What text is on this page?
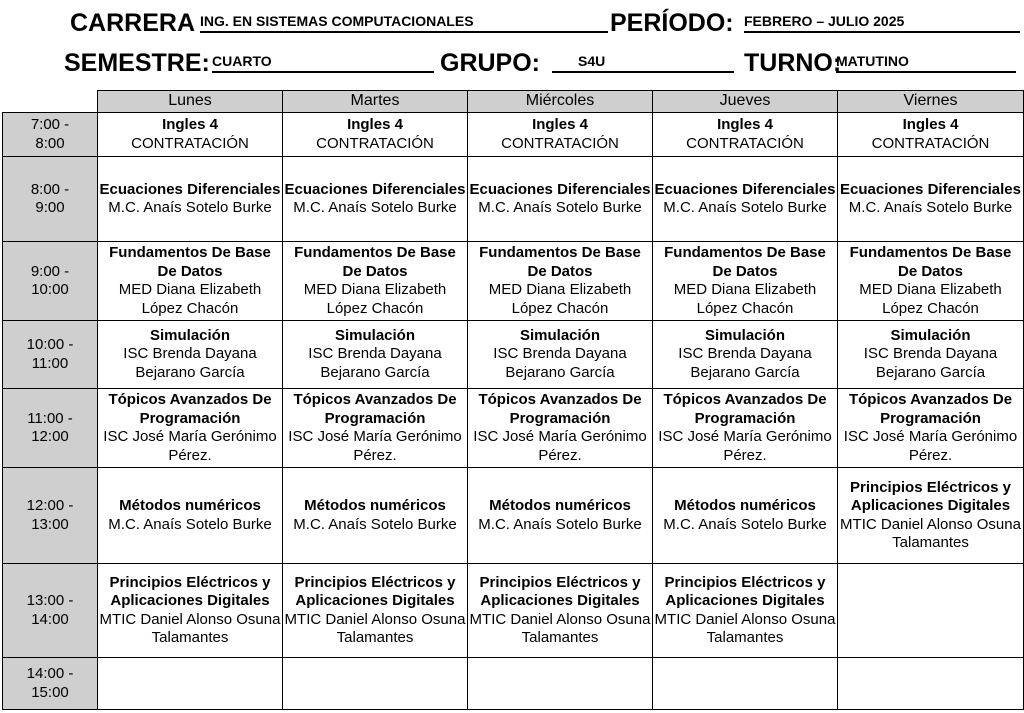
CARRERA ING. EN SISTEMAS COMPUTACIONALES	PERÍODO: FEBRERO – JULIO 2025
SEMESTRE: CUARTO	GRUPO:	S4U	TURNO:
MATUTINO
	Lunes	Martes	Miércoles	Jueves	Viernes

7:00 -
8:00	Ingles 4
CONTRATACIÓN	Ingles 4
CONTRATACIÓN	Ingles 4
CONTRATACIÓN	Ingles 4
CONTRATACIÓN	Ingles 4
CONTRATACIÓN

8:00 -
9:00	Ecuaciones Diferenciales
M.C. Anaís Sotelo Burke	Ecuaciones Diferenciales
M.C. Anaís Sotelo Burke	Ecuaciones Diferenciales
M.C. Anaís Sotelo Burke	Ecuaciones Diferenciales
M.C. Anaís Sotelo Burke	Ecuaciones Diferenciales
M.C. Anaís Sotelo Burke

9:00 -
10:00	Fundamentos De Base De Datos
MED Diana Elizabeth López Chacón	Fundamentos De Base De Datos
MED Diana Elizabeth López Chacón	Fundamentos De Base De Datos
MED Diana Elizabeth López Chacón	Fundamentos De Base De Datos
MED Diana Elizabeth López Chacón	Fundamentos De Base De Datos
MED Diana Elizabeth López Chacón

10:00 -
11:00	Simulación
ISC Brenda Dayana Bejarano García	Simulación
ISC Brenda Dayana Bejarano García	Simulación
ISC Brenda Dayana Bejarano García	Simulación
ISC Brenda Dayana Bejarano García	Simulación
ISC Brenda Dayana Bejarano García

11:00 -
12:00	Tópicos Avanzados De Programación
ISC José María Gerónimo Pérez.	Tópicos Avanzados De Programación
ISC José María Gerónimo Pérez.	Tópicos Avanzados De Programación
ISC José María Gerónimo Pérez.	Tópicos Avanzados De Programación
ISC José María Gerónimo Pérez.	Tópicos Avanzados De Programación
ISC José María Gerónimo Pérez.

12:00 -
13:00	Métodos numéricos
M.C. Anaís Sotelo Burke	Métodos numéricos
M.C. Anaís Sotelo Burke	Métodos numéricos
M.C. Anaís Sotelo Burke	Métodos numéricos
M.C. Anaís Sotelo Burke	Principios Eléctricos y Aplicaciones Digitales
MTIC Daniel Alonso Osuna Talamantes

13:00 -
14:00	Principios Eléctricos y Aplicaciones Digitales
MTIC Daniel Alonso Osuna Talamantes	Principios Eléctricos y Aplicaciones Digitales
MTIC Daniel Alonso Osuna Talamantes	Principios Eléctricos y Aplicaciones Digitales
MTIC Daniel Alonso Osuna Talamantes	Principios Eléctricos y Aplicaciones Digitales
MTIC Daniel Alonso Osuna Talamantes	

14:00 -
15:00					
